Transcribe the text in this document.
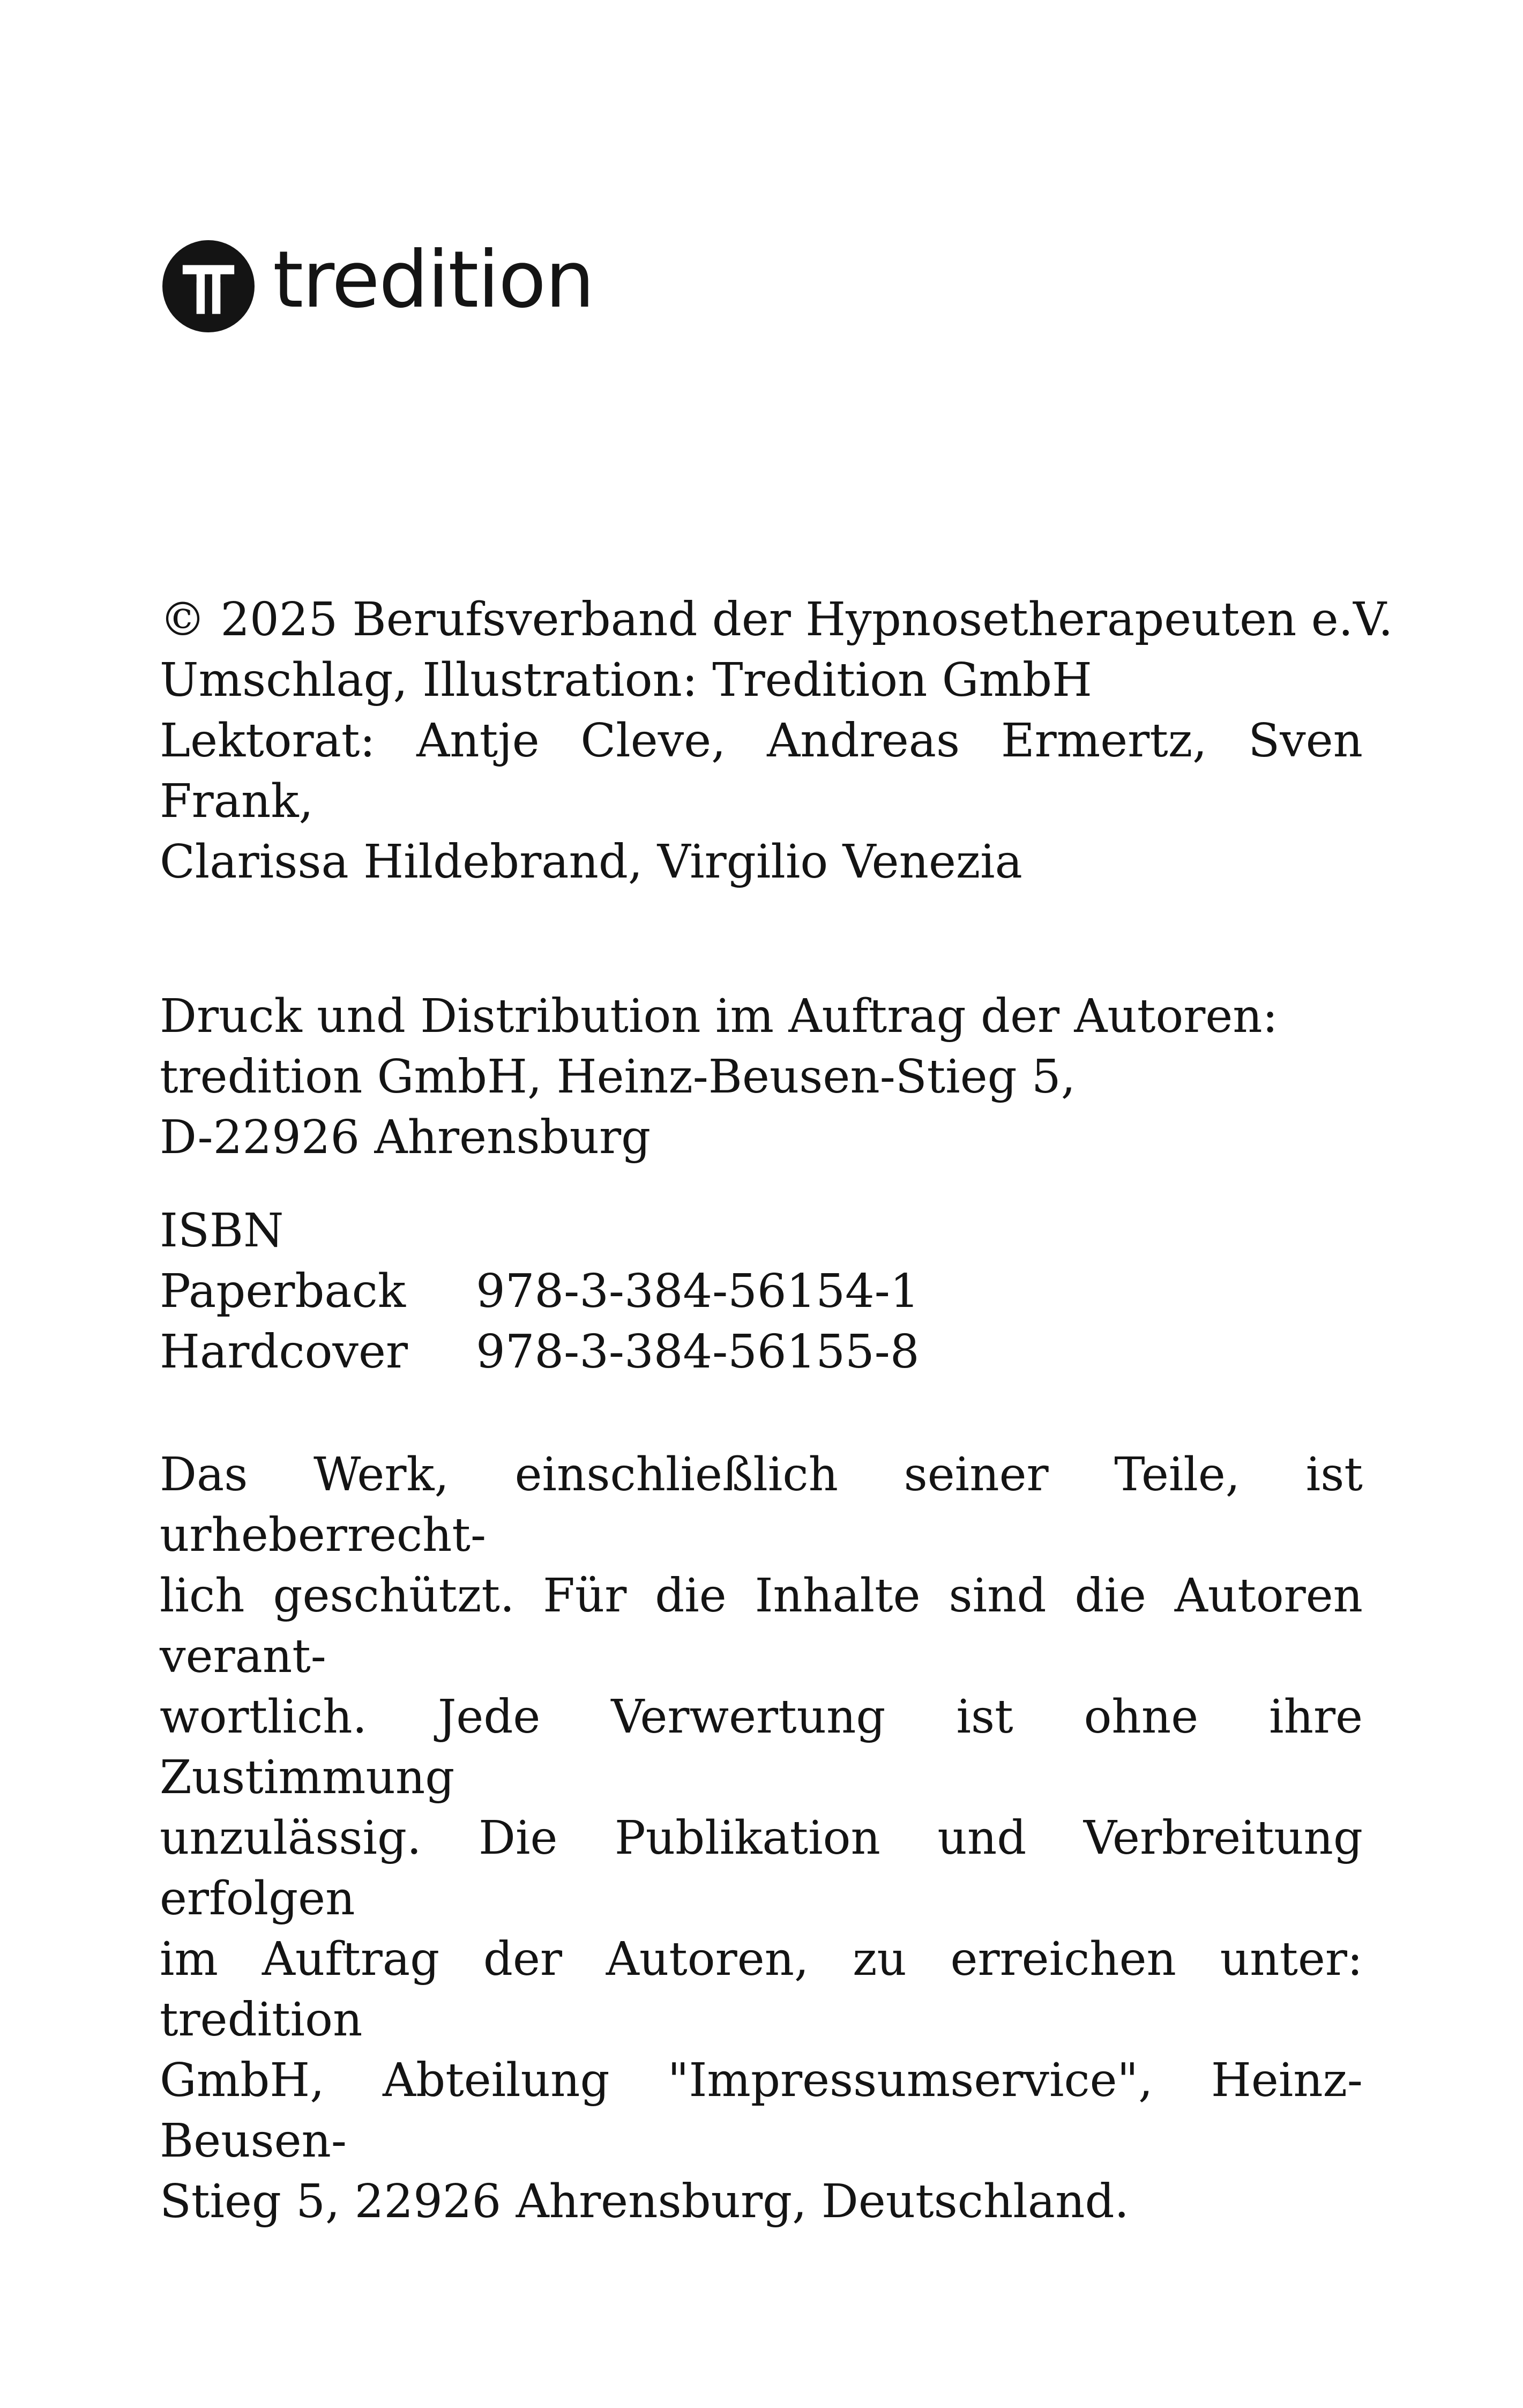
tredition
© 2025 Berufsverband der Hypnosetherapeuten e.V.
Umschlag, Illustration: Tredition GmbH
Lektorat: Antje Cleve, Andreas Ermertz, Sven Frank,
Clarissa Hildebrand, Virgilio Venezia
Druck und Distribution im Auftrag der Autoren:
tredition GmbH, Heinz-Beusen-Stieg 5,
D-22926 Ahrensburg
ISBN
Paperback	978-3-384-56154-1
Hardcover	978-3-384-56155-8
Das Werk, einschließlich seiner Teile, ist urheberrecht-
lich geschützt. Für die Inhalte sind die Autoren verant-
wortlich. Jede Verwertung ist ohne ihre Zustimmung
unzulässig. Die Publikation und Verbreitung erfolgen
im Auftrag der Autoren, zu erreichen unter: tredition
GmbH, Abteilung "Impressumservice", Heinz-Beusen-
Stieg 5, 22926 Ahrensburg, Deutschland.
